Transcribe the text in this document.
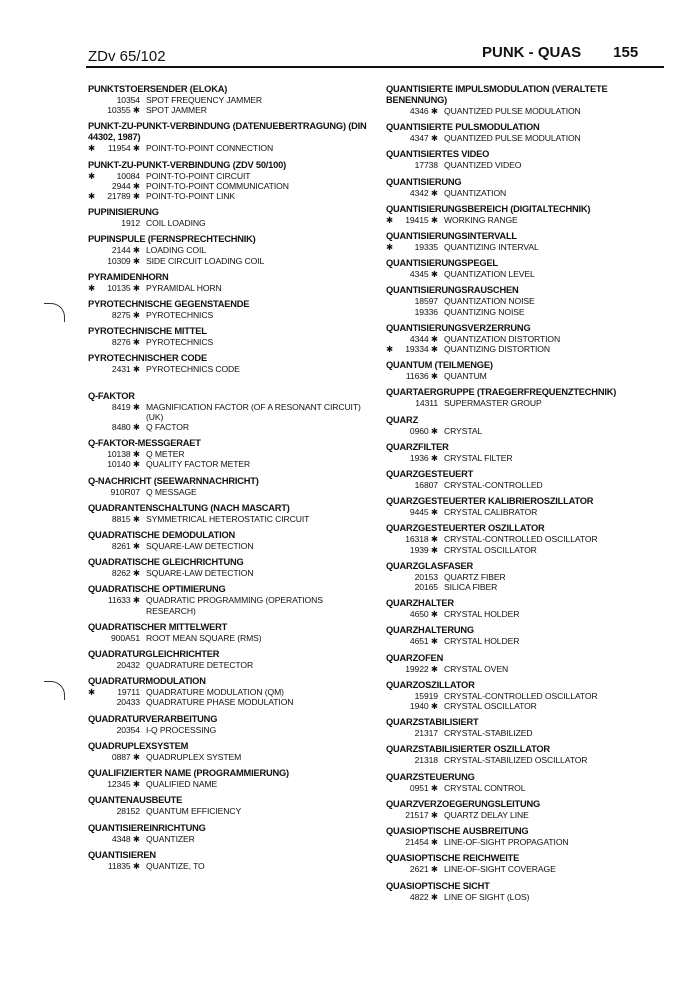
ZDv 65/102	PUNK - QUAS 155
PUNKTSTOERSENDER (ELOKA)
10354 SPOT FREQUENCY JAMMER
10355 ✱ SPOT JAMMER
PUNKT-ZU-PUNKT-VERBINDUNG (DATENUEBERTRAGUNG) (DIN 44302, 1987)
✱	11954 ✱ POINT-TO-POINT CONNECTION
PUNKT-ZU-PUNKT-VERBINDUNG (ZDV 50/100)
✱	10084 POINT-TO-POINT CIRCUIT
2944 ✱ POINT-TO-POINT COMMUNICATION
✱	21789 ✱ POINT-TO-POINT LINK
PUPINISIERUNG
1912 COIL LOADING
PUPINSPULE (FERNSPRECHTECHNIK)
2144 ✱ LOADING COIL
10309 ✱ SIDE CIRCUIT LOADING COIL
PYRAMIDENHORN
✱	10135 ✱ PYRAMIDAL HORN
PYROTECHNISCHE GEGENSTAENDE
8275 ✱ PYROTECHNICS
PYROTECHNISCHE MITTEL
8276 ✱ PYROTECHNICS
PYROTECHNISCHER CODE
2431 ✱ PYROTECHNICS CODE
Q-FAKTOR
8419 ✱ MAGNIFICATION FACTOR (OF A RESONANT CIRCUIT)(UK)
8480 ✱ Q FACTOR
Q-FAKTOR-MESSGERAET
10138 ✱ Q METER
10140 ✱ QUALITY FACTOR METER
Q-NACHRICHT (SEEWARNNACHRICHT)
910R07 Q MESSAGE
QUADRANTENSCHALTUNG (NACH MASCART)
8815 ✱ SYMMETRICAL HETEROSTATIC CIRCUIT
QUADRATISCHE DEMODULATION
8261 ✱ SQUARE-LAW DETECTION
QUADRATISCHE GLEICHRICHTUNG
8262 ✱ SQUARE-LAW DETECTION
QUADRATISCHE OPTIMIERUNG
11633 ✱ QUADRATIC PROGRAMMING (OPERATIONS RESEARCH)
QUADRATISCHER MITTELWERT
900A51 ROOT MEAN SQUARE (RMS)
QUADRATURGLEICHRICHTER
20432 QUADRATURE DETECTOR
QUADRATURMODULATION
✱	19711 QUADRATURE MODULATION (QM)
20433 QUADRATURE PHASE MODULATION
QUADRATURVERARBEITUNG
20354 I-Q PROCESSING
QUADRUPLEXSYSTEM
0887 ✱ QUADRUPLEX SYSTEM
QUALIFIZIERTER NAME (PROGRAMMIERUNG)
12345 ✱ QUALIFIED NAME
QUANTENAUSBEUTE
28152 QUANTUM EFFICIENCY
QUANTISIEREINRICHTUNG
4348 ✱ QUANTIZER
QUANTISIEREN
11835 ✱ QUANTIZE, TO
QUANTISIERTE IMPULSMODULATION (VERALTETE BENENNUNG)
4346 ✱ QUANTIZED PULSE MODULATION
QUANTISIERTE PULSMODULATION
4347 ✱ QUANTIZED PULSE MODULATION
QUANTISIERTES VIDEO
17738 QUANTIZED VIDEO
QUANTISIERUNG
4342 ✱ QUANTIZATION
QUANTISIERUNGSBEREICH (DIGITALTECHNIK)
✱	19415 ✱ WORKING RANGE
QUANTISIERUNGSINTERVALL
✱	19335 QUANTIZING INTERVAL
QUANTISIERUNGSPEGEL
4345 ✱ QUANTIZATION LEVEL
QUANTISIERUNGSRAUSCHEN
18597 QUANTIZATION NOISE
19336 QUANTIZING NOISE
QUANTISIERUNGSVERZERRUNG
4344 ✱ QUANTIZATION DISTORTION
✱	19334 ✱ QUANTIZING DISTORTION
QUANTUM (TEILMENGE)
11636 ✱ QUANTUM
QUARTAERGRUPPE (TRAEGERFREQUENZTECHNIK)
14311 SUPERMASTER GROUP
QUARZ
0960 ✱ CRYSTAL
QUARZFILTER
1936 ✱ CRYSTAL FILTER
QUARZGESTEUERT
16807 CRYSTAL-CONTROLLED
QUARZGESTEUERTER KALIBRIEROSZILLATOR
9445 ✱ CRYSTAL CALIBRATOR
QUARZGESTEUERTER OSZILLATOR
16318 ✱ CRYSTAL-CONTROLLED OSCILLATOR
1939 ✱ CRYSTAL OSCILLATOR
QUARZGLASFASER
20153 QUARTZ FIBER
20165 SILICA FIBER
QUARZHALTER
4650 ✱ CRYSTAL HOLDER
QUARZHALTERUNG
4651 ✱ CRYSTAL HOLDER
QUARZOFEN
19922 ✱ CRYSTAL OVEN
QUARZOSZILLATOR
15919 CRYSTAL-CONTROLLED OSCILLATOR
1940 ✱ CRYSTAL OSCILLATOR
QUARZSTABILISIERT
21317 CRYSTAL-STABILIZED
QUARZSTABILISIERTER OSZILLATOR
21318 CRYSTAL-STABILIZED OSCILLATOR
QUARZSTEUERUNG
0951 ✱ CRYSTAL CONTROL
QUARZVERZOEGERUNGSLEITUNG
21517 ✱ QUARTZ DELAY LINE
QUASIOPTISCHE AUSBREITUNG
21454 ✱ LINE-OF-SIGHT PROPAGATION
QUASIOPTISCHE REICHWEITE
2621 ✱ LINE-OF-SIGHT COVERAGE
QUASIOPTISCHE SICHT
4822 ✱ LINE OF SIGHT (LOS)
